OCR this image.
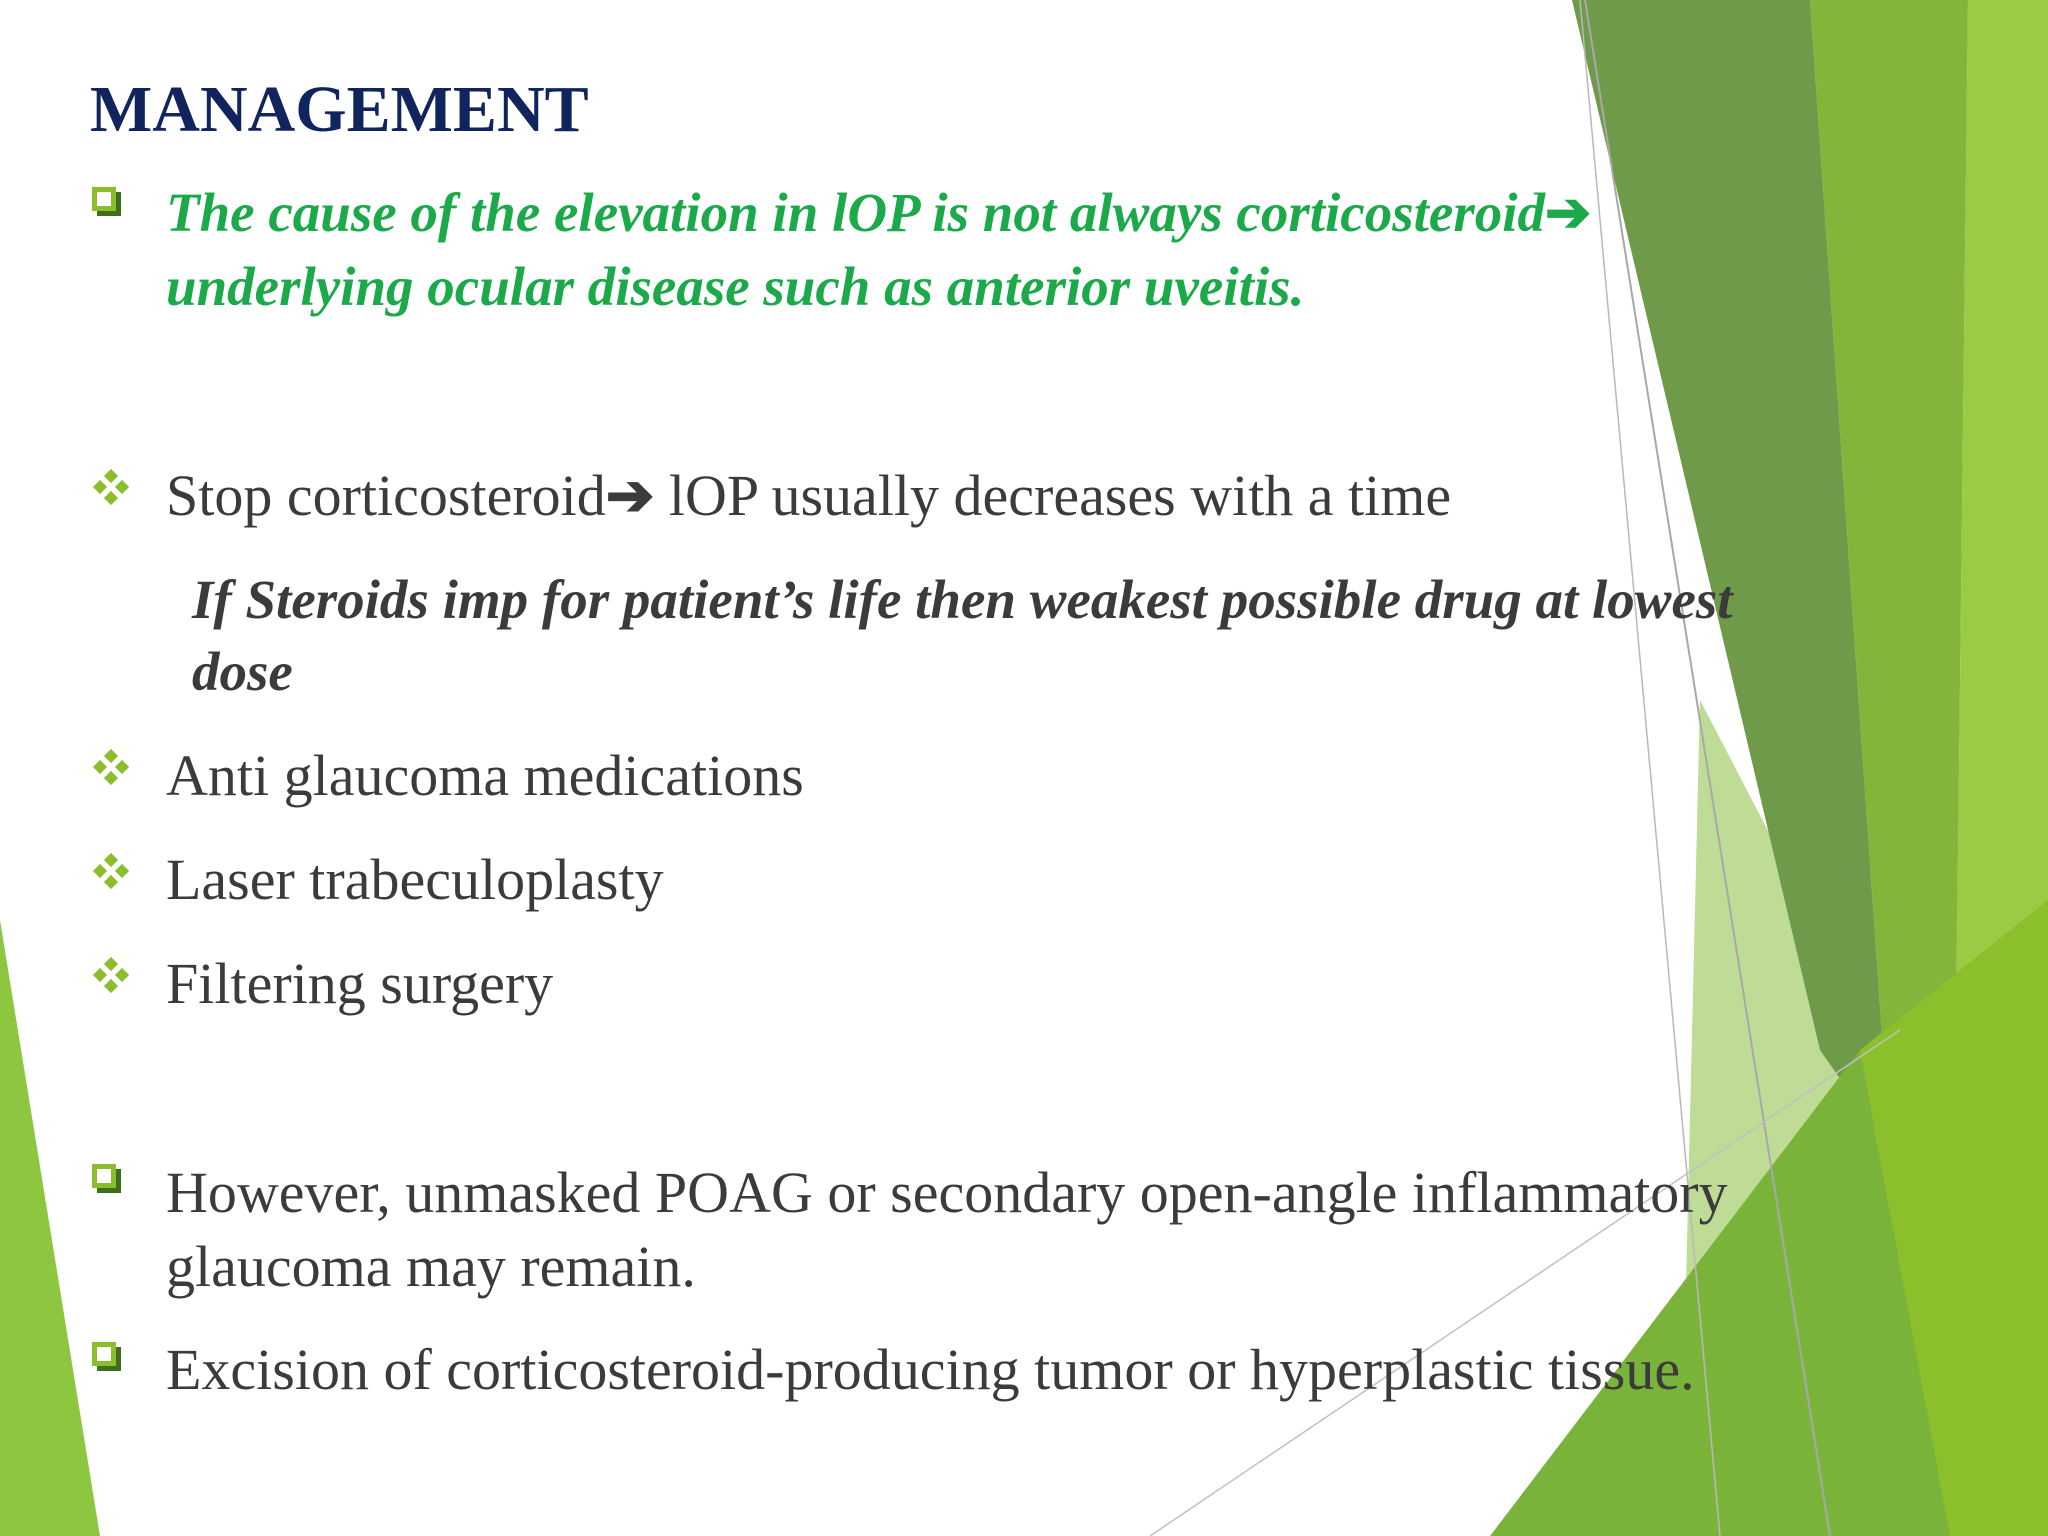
MANAGEMENT
The cause of the elevation in lOP is not always corticosteroid➔
underlying ocular disease such as anterior uveitis.
Stop corticosteroid➔ lOP usually decreases with a time
If Steroids imp for patient’s life then weakest possible drug at lowest
dose
Anti glaucoma medications
Laser trabeculoplasty
Filtering surgery
However, unmasked POAG or secondary open-angle inflammatory
glaucoma may remain.
Excision of corticosteroid-producing tumor or hyperplastic tissue.
